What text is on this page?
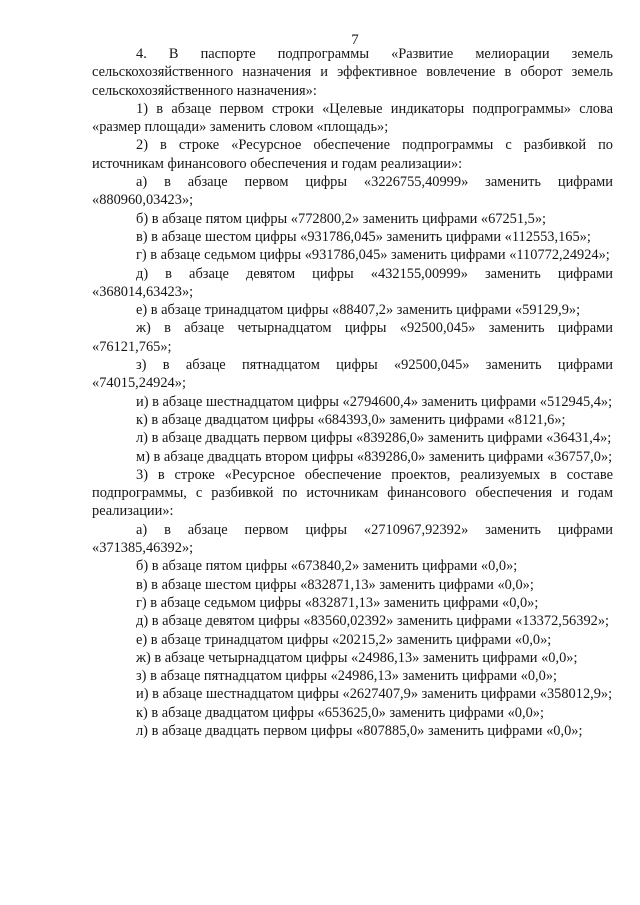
7

4. В паспорте подпрограммы «Развитие мелиорации земель сельскохозяйственного назначения и эффективное вовлечение в оборот земель сельскохозяйственного назначения»:

1) в абзаце первом строки «Целевые индикаторы подпрограммы» слова «размер площади» заменить словом «площадь»;

2) в строке «Ресурсное обеспечение подпрограммы с разбивкой по источникам финансового обеспечения и годам реализации»:

а) в абзаце первом цифры «3226755,40999» заменить цифрами «880960,03423»;

б) в абзаце пятом цифры «772800,2» заменить цифрами «67251,5»;

в) в абзаце шестом цифры «931786,045» заменить цифрами «112553,165»;

г) в абзаце седьмом цифры «931786,045» заменить цифрами «110772,24924»;

д) в абзаце девятом цифры «432155,00999» заменить цифрами «368014,63423»;

е) в абзаце тринадцатом цифры «88407,2» заменить цифрами «59129,9»;

ж) в абзаце четырнадцатом цифры «92500,045» заменить цифрами «76121,765»;

з) в абзаце пятнадцатом цифры «92500,045» заменить цифрами «74015,24924»;

и) в абзаце шестнадцатом цифры «2794600,4» заменить цифрами «512945,4»;

к) в абзаце двадцатом цифры «684393,0» заменить цифрами «8121,6»;

л) в абзаце двадцать первом цифры «839286,0» заменить цифрами «36431,4»;

м) в абзаце двадцать втором цифры «839286,0» заменить цифрами «36757,0»;

3) в строке «Ресурсное обеспечение проектов, реализуемых в составе подпрограммы, с разбивкой по источникам финансового обеспечения и годам реализации»:

а) в абзаце первом цифры «2710967,92392» заменить цифрами «371385,46392»;

б) в абзаце пятом цифры «673840,2» заменить цифрами «0,0»;

в) в абзаце шестом цифры «832871,13» заменить цифрами «0,0»;

г) в абзаце седьмом цифры «832871,13» заменить цифрами «0,0»;

д) в абзаце девятом цифры «83560,02392» заменить цифрами «13372,56392»;

е) в абзаце тринадцатом цифры «20215,2» заменить цифрами «0,0»;

ж) в абзаце четырнадцатом цифры «24986,13» заменить цифрами «0,0»;

з) в абзаце пятнадцатом цифры «24986,13» заменить цифрами «0,0»;

и) в абзаце шестнадцатом цифры «2627407,9» заменить цифрами «358012,9»;

к) в абзаце двадцатом цифры «653625,0» заменить цифрами «0,0»;

л) в абзаце двадцать первом цифры «807885,0» заменить цифрами «0,0»;
